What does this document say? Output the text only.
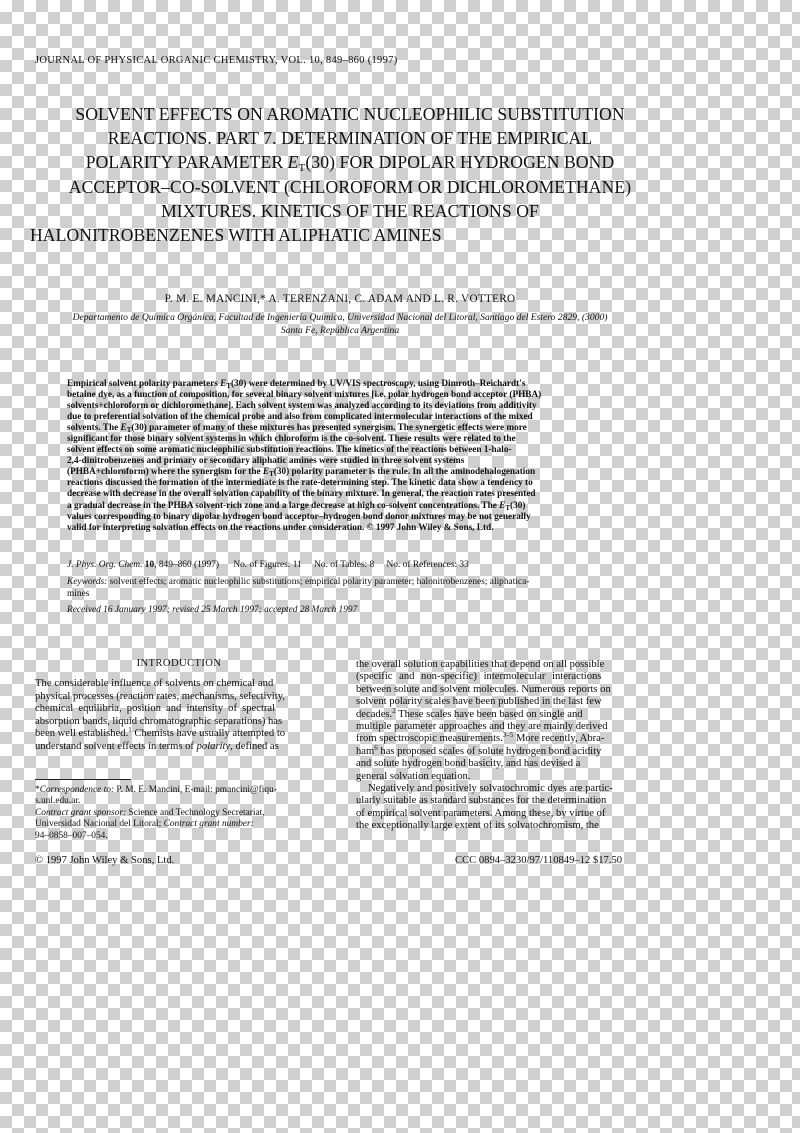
JOURNAL OF PHYSICAL ORGANIC CHEMISTRY, VOL. 10, 849–860 (1997)
SOLVENT EFFECTS ON AROMATIC NUCLEOPHILIC SUBSTITUTION
REACTIONS. PART 7. DETERMINATION OF THE EMPIRICAL
POLARITY PARAMETER $E_T(30)$ FOR DIPOLAR HYDROGEN BOND
ACCEPTOR–CO-SOLVENT (CHLOROFORM OR DICHLOROMETHANE)
MIXTURES. KINETICS OF THE REACTIONS OF
HALONITROBENZENES WITH ALIPHATIC AMINES
P. M. E. MANCINI,* A. TERENZANI, C. ADAM AND L. R. VOTTERO
Departamento de Química Orgánica, Facultad de Ingeniería Química, Universidad Nacional del Litoral, Santiago del Estero 2829, (3000)
Santa Fe, República Argentina
Empirical solvent polarity parameters $E_T(30)$ were determined by UV/VIS spectroscopy, using Dimroth–Reichardt's
betaine dye, as a function of composition, for several binary solvent mixtures [i.e. polar hydrogen bond acceptor (PHBA)
solvents+chloroform or dichloromethane]. Each solvent system was analyzed according to its deviations from additivity
due to preferential solvation of the chemical probe and also from complicated intermolecular interactions of the mixed
solvents. The $E_T(30)$ parameter of many of these mixtures has presented synergism. The synergetic effects were more
significant for those binary solvent systems in which chloroform is the co-solvent. These results were related to the
solvent effects on some aromatic nucleophilic substitution reactions. The kinetics of the reactions between 1-halo-
2,4-dinitrobenzenes and primary or secondary aliphatic amines were studied in three solvent systems
(PHBA+chloroform) where the synergism for the $E_T(30)$ polarity parameter is the rule. In all the aminodehalogenation
reactions discussed the formation of the intermediate is the rate-determining step. The kinetic data show a tendency to
decrease with decrease in the overall solvation capability of the binary mixture. In general, the reaction rates presented
a gradual decrease in the PHBA solvent-rich zone and a large decrease at high co-solvent concentrations. The $E_T(30)$
values corresponding to binary dipolar hydrogen bond acceptor–hydrogen bond donor mixtures may be not generally
valid for interpreting solvation effects on the reactions under consideration. © 1997 John Wiley & Sons, Ltd.
J. Phys. Org. Chem. 10, 849–860 (1997) No. of Figures: 11 No. of Tables: 8 No. of References: 33
Keywords: solvent effects; aromatic nucleophilic substitutions; empirical polarity parameter; halonitrobenzenes; aliphatica-
mines
Received 16 January 1997; revised 25 March 1997; accepted 28 March 1997
INTRODUCTION
The considerable influence of solvents on chemical and
physical processes (reaction rates, mechanisms, selectivity,
chemical equilibria, position and intensity of spectral
absorption bands, liquid chromatographic separations) has
been well established.$^1$ Chemists have usually attempted to
understand solvent effects in terms of polarity, defined as
*Correspondence to: P. M. E. Mancini, E-mail: pmancini@fiqu-
s.unl.edu.ar.
Contract grant sponsor: Science and Technology Secretariat,
Universidad Nacional del Litoral; Contract grant number:
94–0858–007–054.
the overall solution capabilities that depend on all possible
(specific and non-specific) intermolecular interactions
between solute and solvent molecules. Numerous reports on
solvent polarity scales have been published in the last few
decades.$^2$ These scales have been based on single and
multiple parameter approaches and they are mainly derived
from spectroscopic measurements.$^{3-5}$ More recently, Abra-
ham$^6$ has proposed scales of solute hydrogen bond acidity
and solute hydrogen bond basicity, and has devised a
general solvation equation.
Negatively and positively solvatochromic dyes are partic-
ularly suitable as standard substances for the determination
of empirical solvent parameters. Among these, by virtue of
the exceptionally large extent of its solvatochromism, the
© 1997 John Wiley & Sons, Ltd.	CCC 0894–3230/97/110849–12 $17.50
